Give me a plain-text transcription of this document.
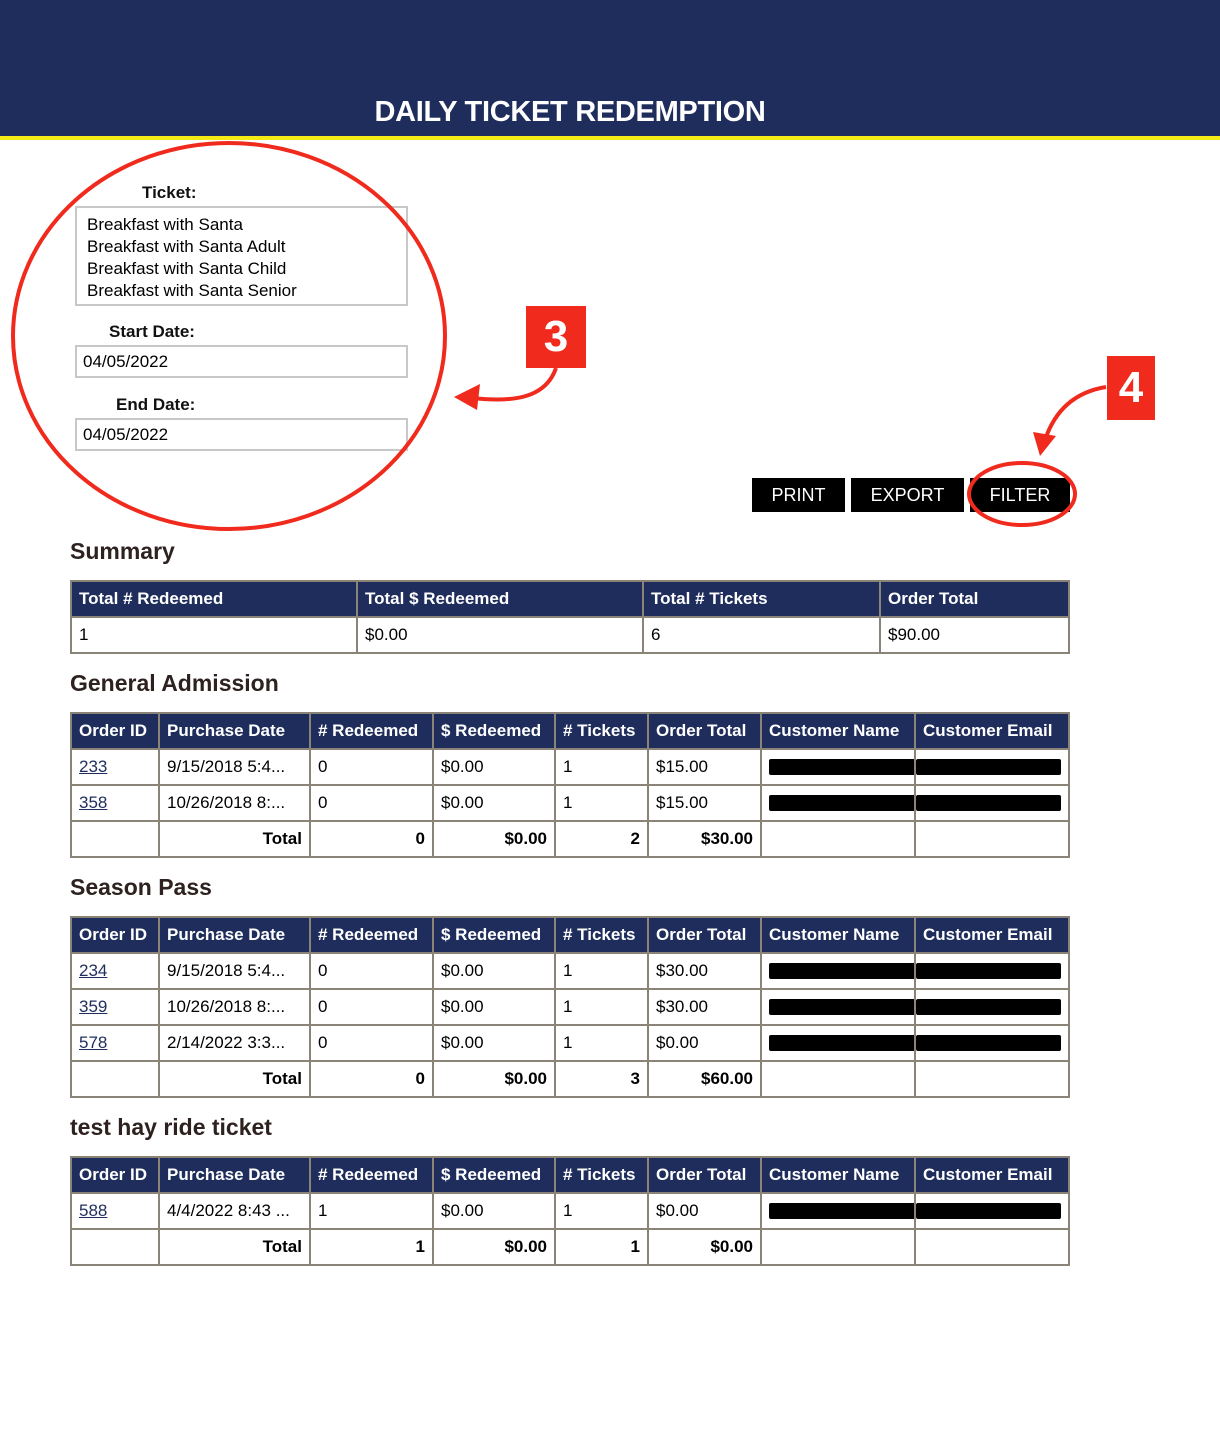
DAILY TICKET REDEMPTION
Ticket:
Breakfast with Santa
Breakfast with Santa Adult
Breakfast with Santa Child
Breakfast with Santa Senior
Start Date:
04/05/2022
End Date:
04/05/2022
PRINT	EXPORT	FILTER
Summary
Total # Redeemed	Total $ Redeemed	Total # Tickets	Order Total
1	$0.00	6	$90.00
General Admission
Order ID	Purchase Date	# Redeemed	$ Redeemed	# Tickets	Order Total	Customer Name	Customer Email
233	9/15/2018 5:4...	0	$0.00	1	$15.00	

358	10/26/2018 8:...	0	$0.00	1	$15.00	

	Total	0	$0.00	2	$30.00		
Season Pass
Order ID	Purchase Date	# Redeemed	$ Redeemed	# Tickets	Order Total	Customer Name	Customer Email
234	9/15/2018 5:4...	0	$0.00	1	$30.00	

359	10/26/2018 8:...	0	$0.00	1	$30.00	

578	2/14/2022 3:3...	0	$0.00	1	$0.00	

	Total	0	$0.00	3	$60.00		
test hay ride ticket
Order ID	Purchase Date	# Redeemed	$ Redeemed	# Tickets	Order Total	Customer Name	Customer Email
588	4/4/2022 8:43 ...	1	$0.00	1	$0.00	

	Total	1	$0.00	1	$0.00		
3
4
